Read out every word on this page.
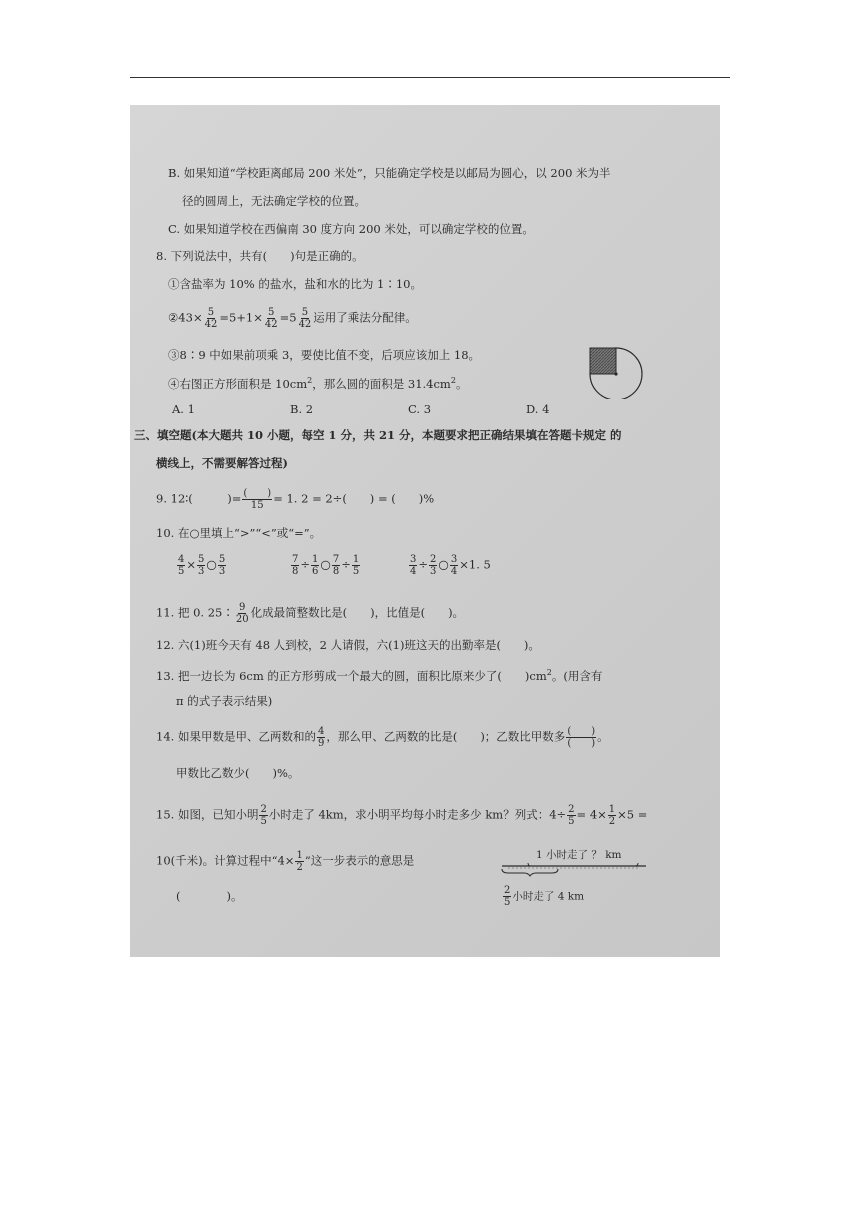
B. 如果知道“学校距离邮局 200 米处”，只能确定学校是以邮局为圆心，以 200 米为半
径的圆周上，无法确定学校的位置。
C. 如果知道学校在西偏南 30 度方向 200 米处，可以确定学校的位置。
8. 下列说法中，共有(　　)句是正确的。
①含盐率为 10% 的盐水，盐和水的比为 1∶10。
②43× $\frac{5}{42} =5+1\times \frac{5}{42} =5 \frac{5}{42}$ 运用了乘法分配律。
③8∶9 中如果前项乘 3，要使比值不变，后项应该加上 18。
④右图正方形面积是 $10cm^2$，那么圆的面积是 $31.4cm^2$。
A. 1	B. 2	C. 3	D. 4
三、填空题(本大题共 10 小题，每空 1 分，共 21 分，本题要求把正确结果填在答题卡规定 的
横线上，不需要解答过程)
9. 12∶(　　　)= $\frac{( )}{15} = 1$. 2 = 2÷(　　) = (　　)%
10. 在○里填上“>”“<”或“=”。
$\frac{4}{5} \times \frac{5}{3}$ ○ $\frac{5}{3}$	$\frac{7}{8} \div \frac{1}{6}$ ○ $\frac{7}{8} \div \frac{1}{5}$	$\frac{3}{4} \div \frac{2}{3}$ ○ $\frac{3}{4} \times 1$. 5
11. 把 0. 25∶ $\frac{9}{20}$ 化成最简整数比是(　　)，比值是(　　)。
12. 六(1)班今天有 48 人到校，2 人请假，六(1)班这天的出勤率是(　　)。
13. 把一边长为 6cm 的正方形剪成一个最大的圆，面积比原来少了(　　)$cm^2$。(用含有
π 的式子表示结果)
14. 如果甲数是甲、乙两数和的 $\frac{4}{9}$ ，那么甲、乙两数的比是(　　)；乙数比甲数多 $\frac{( )}{( )}$ 。
甲数比乙数少(　　)%。
15. 如图，已知小明 $\frac{2}{5}$ 小时走了 4km，求小明平均每小时走多少 km？列式：$4\div \frac{2}{5} = 4\times \frac{1}{2} \times 5$ =
10(千米)。计算过程中“$4\times \frac{1}{2}$ ”这一步表示的意思是
(　　　　)。
1 小时走了 ？ km
$\frac{2}{5}$ 小时走了 4 km
